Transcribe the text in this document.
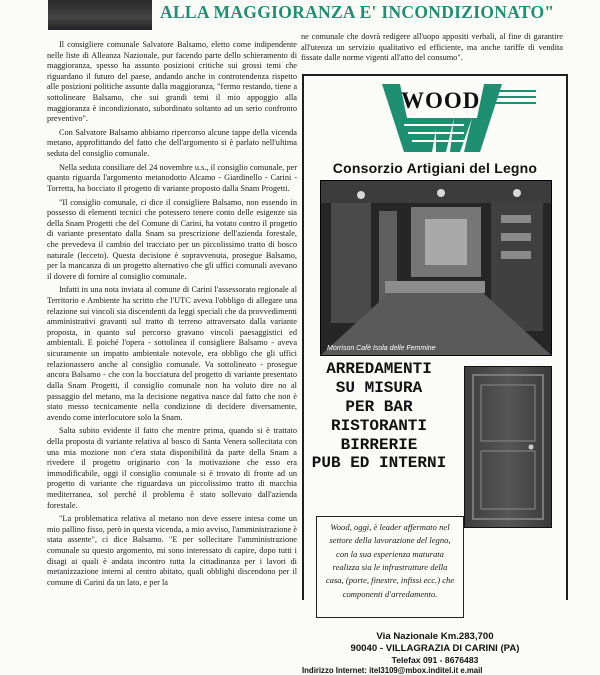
ALLA MAGGIORANZA E' INCONDIZIONATO"

Il consigliere comunale Salvatore Balsamo, eletto come indipendente nelle liste di Alleanza Nazionale, pur facendo parte dello schieramento di maggioranza, spesso ha assunto posizioni critiche sui grossi temi che riguardano il futuro del paese, andando anche in controtendenza rispetto alle posizioni politiche assunte dalla maggioranza, "fermo restando, tiene a sottolineare Balsamo, che sui grandi temi il mio appoggio alla maggioranza è incondizionato, subordinato soltanto ad un serio confronto preventivo".

Con Salvatore Balsamo abbiamo ripercorso alcune tappe della vicenda metano, approfittando del fatto che dell'argomento si è parlato nell'ultima seduta del consiglio comunale.

Nella seduta consiliare del 24 novembre u.s., il consiglio comunale, per quanto riguarda l'argomento metanodotto Alcamo - Giardinello - Carini - Torretta, ha bocciato il progetto di variante proposto dalla Snam Progetti.

"Il consiglio comunale, ci dice il consigliere Balsamo, non essendo in possesso di elementi tecnici che potessero tenere conto delle esigenze sia della Snam Progetti che del Comune di Carini, ha votato contro il progetto di variante presentato dalla Snam su prescrizione dell'azienda forestale, che prevedeva il cambio del tracciato per un piccolissimo tratto di bosco naturale (lecceto). Questa decisione è sopravvenuta, prosegue Balsamo, per la mancanza di un progetto alternativo che gli uffici comunali avevano il dovere di fornire al consiglio comunale.

Infatti in una nota inviata al comune di Carini l'assessorato regionale al Territorio e Ambiente ha scritto che l'UTC aveva l'obbligo di allegare una relazione sui vincoli sia discendenti da leggi speciali che da provvedimenti amministrativi gravanti sul tratto di terreno attraversato dalla variante proposta, in quanto sul percorso gravano vincoli paesaggistici ed ambientali. E poiché l'opera - sottolinea il consigliere Balsamo - aveva sicuramente un impatto ambientale notevole, era obbligo che gli uffici relazionassero anche al consiglio comunale. Va sottolineato - prosegue ancora Balsamo - che con la bocciatura del progetto di variante presentato dalla Snam Progetti, il consiglio comunale non ha voluto dire no al passaggio del metano, ma la decisione negativa nasce dal fatto che non è stato messo tecnicamente nella condizione di decidere diversamente, avendo come interlocutore solo la Snam.

Salta subito evidente il fatto che mentre prima, quando si è trattato della proposta di variante relativa al bosco di Santa Venera sollecitata con una mia mozione non c'era stata disponibilità da parte della Snam a rivedere il progetto originario con la motivazione che esso era immodificabile, oggi il consiglio comunale si è trovato di fronte ad un progetto di variante che riguardava un piccolissimo tratto di macchia mediterranea, sol perché il problema è stato sollevato dall'azienda forestale.

"La problematica relativa al metano non deve essere intesa come un mio pallino fisso, però in questa vicenda, a mio avviso, l'amministrazione è stata assente", ci dice Balsamo. "E per sollecitare l'amministrazione comunale su questo argomento, mi sono interessato di capire, dopo tutti i disagi ai quali è andata incontro tutta la cittadinanza per i lavori di metanizzazione interni al centro abitato, quali obblighi discendono per il comune di Carini da un lato, e per la

ne comunale che dovrà redigere all'uopo appositi verbali, al fine di garantire all'utenza un servizio qualitativo ed efficiente, ma anche tariffe di vendita fissate dalle norme vigenti all'atto del consumo".

WOOD
Consorzio Artigiani del Legno
Morrison Cafè Isola delle Femmine
ARREDAMENTI
SU MISURA
PER BAR
RISTORANTI
BIRRERIE
PUB ED INTERNI
Wood, oggi, è leader affermato nel settore della lavorazione del legno, con la sua esperienza maturata realizza sia le infrastrutture della casa, (porte, finestre, infissi ecc.) che componenti d'arredamento.
Via Nazionale Km.283,700
90040 - VILLAGRAZIA DI CARINI (PA)
Telefax 091 - 8676483
Indirizzo Internet: itel3109@mbox.inditel.it e.mail
